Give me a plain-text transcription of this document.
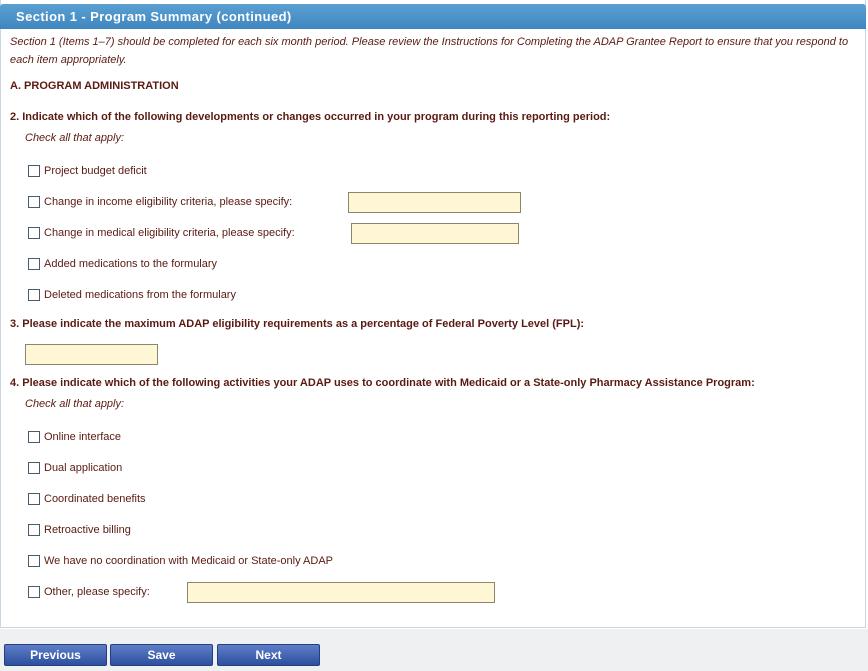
Section 1 - Program Summary (continued)
Section 1 (Items 1–7) should be completed for each six month period. Please review the Instructions for Completing the ADAP Grantee Report to ensure that you respond to each item appropriately.
A. PROGRAM ADMINISTRATION
2. Indicate which of the following developments or changes occurred in your program during this reporting period:
Check all that apply:
Project budget deficit
Change in income eligibility criteria, please specify:
Change in medical eligibility criteria, please specify:
Added medications to the formulary
Deleted medications from the formulary
3. Please indicate the maximum ADAP eligibility requirements as a percentage of Federal Poverty Level (FPL):
4. Please indicate which of the following activities your ADAP uses to coordinate with Medicaid or a State-only Pharmacy Assistance Program:
Check all that apply:
Online interface
Dual application
Coordinated benefits
Retroactive billing
We have no coordination with Medicaid or State-only ADAP
Other, please specify:
Previous	Save	Next
